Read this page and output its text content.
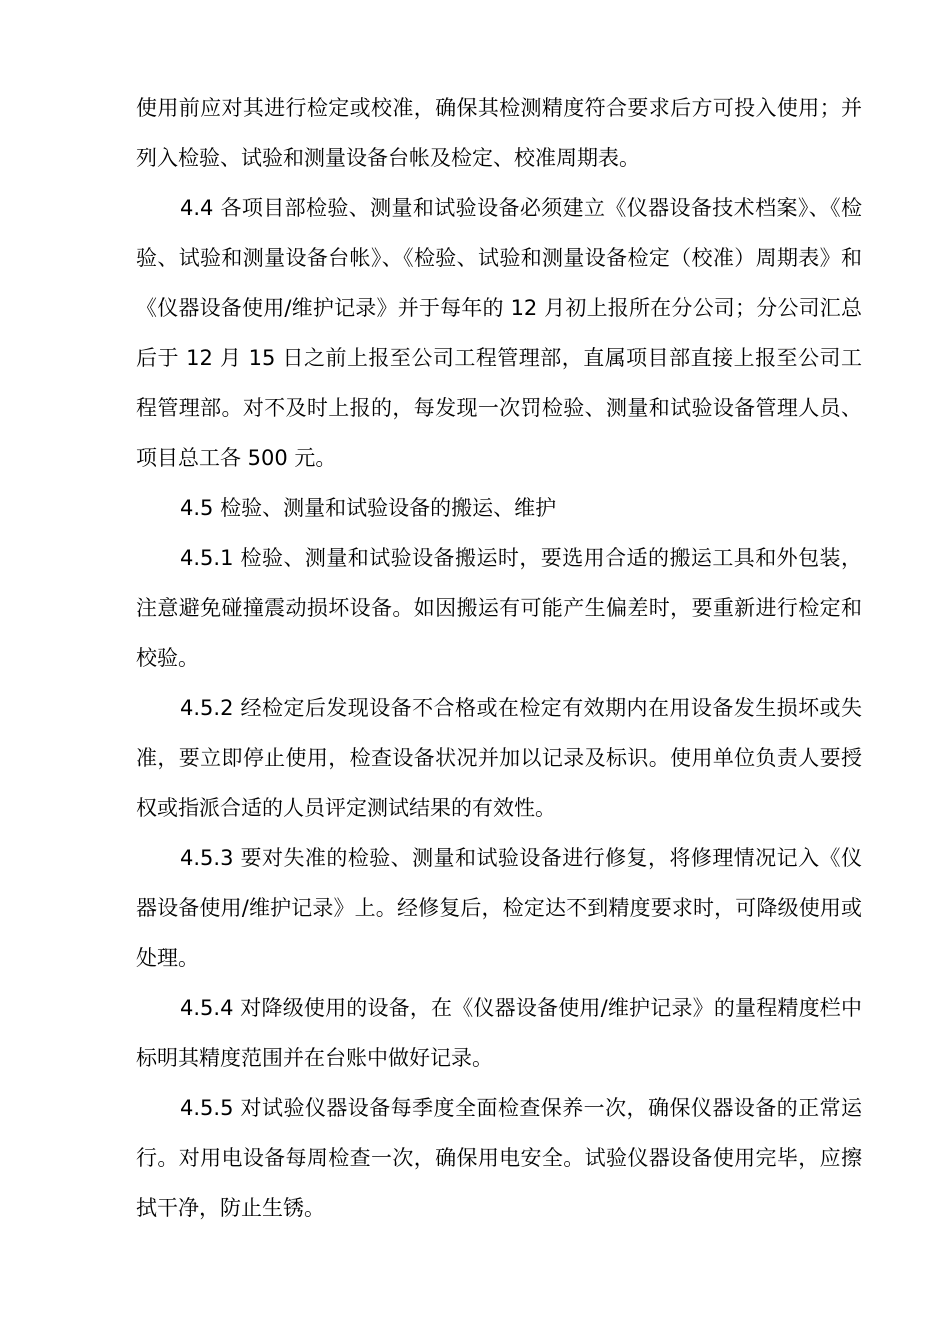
使用前应对其进行检定或校准，确保其检测精度符合要求后方可投入使用；并列入检验、试验和测量设备台帐及检定、校准周期表。

4.4 各项目部检验、测量和试验设备必须建立《仪器设备技术档案》、《检验、试验和测量设备台帐》、《检验、试验和测量设备检定（校准）周期表》和《仪器设备使用/维护记录》并于每年的 12 月初上报所在分公司；分公司汇总后于 12 月 15 日之前上报至公司工程管理部，直属项目部直接上报至公司工程管理部。对不及时上报的，每发现一次罚检验、测量和试验设备管理人员、项目总工各 500 元。

4.5 检验、测量和试验设备的搬运、维护

4.5.1 检验、测量和试验设备搬运时，要选用合适的搬运工具和外包装，注意避免碰撞震动损坏设备。如因搬运有可能产生偏差时，要重新进行检定和校验。

4.5.2 经检定后发现设备不合格或在检定有效期内在用设备发生损坏或失准，要立即停止使用，检查设备状况并加以记录及标识。使用单位负责人要授权或指派合适的人员评定测试结果的有效性。

4.5.3 要对失准的检验、测量和试验设备进行修复，将修理情况记入《仪器设备使用/维护记录》上。经修复后，检定达不到精度要求时，可降级使用或处理。

4.5.4 对降级使用的设备，在《仪器设备使用/维护记录》的量程精度栏中标明其精度范围并在台账中做好记录。

4.5.5 对试验仪器设备每季度全面检查保养一次，确保仪器设备的正常运行。对用电设备每周检查一次，确保用电安全。试验仪器设备使用完毕，应擦拭干净，防止生锈。
